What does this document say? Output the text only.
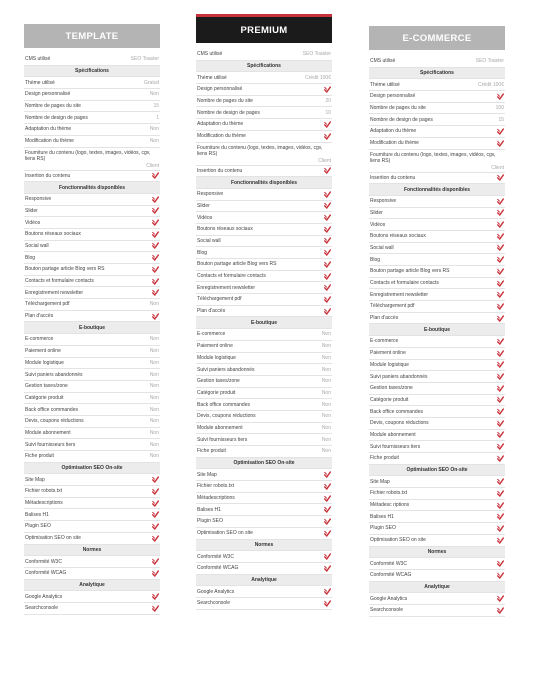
TEMPLATE
CMS utilisé	SEO Toaster
Spécifications
Thème utilisé	Gratuit
Design personnalisé	Non
Nombre de pages du site	15
Nombre de design de pages	1
Adaptation du thème	Non
Modification du thème	Non
Fourniture du contenu (logo, textes, images, vidéos, cgv, liens RS)
Client
Insertion du contenu
Fonctionnalités disponibles
Responsive
Slider
Vidéos
Boutons réseaux sociaux
Social wall
Blog
Bouton partage article Blog vers RS
Contacts et formulaire contacts
Enregistrement newsletter
Téléchargement pdf	Non
Plan d'accès
E-boutique
E-commerce	Non
Paiement online	Non
Module logistique	Non
Suivi paniers abandonnés	Non
Gestion taxes/zone	Non
Catégorie produit	Non
Back office commandes	Non
Devis, coupons réductions	Non
Module abonnement	Non
Suivi fournisseurs tiers	Non
Fiche produit	Non
Optimisation SEO On-site
Site Map
Fichier robots.txt
Métadescriptions
Balises H1
Plugin SEO
Optimisation SEO on site
Normes
Conformité W3C
Conformité WCAG
Analytique
Google Analytics
Searchconsole
PREMIUM
CMS utilisé	SEO Toaster
Spécifications
Thème utilisé	Crédit 100€
Design personnalisé
Nombre de pages du site	20
Nombre de design de pages	10
Adaptation du thème
Modification du thème
Fourniture du contenu (logo, textes, images, vidéos, cgv, liens RS)
Client
Insertion du contenu
Fonctionnalités disponibles
Responsive
Slider
Vidéos
Boutons réseaux sociaux
Social wall
Blog
Bouton partage article Blog vers RS
Contacts et formulaire contacts
Enregistrement newsletter
Téléchargement pdf
Plan d'accès
E-boutique
E-commerce	Non
Paiement online	Non
Module logistique	Non
Suivi paniers abandonnés	Non
Gestion taxes/zone	Non
Catégorie produit	Non
Back office commandes	Non
Devis, coupons réductions	Non
Module abonnement	Non
Suivi fournisseurs tiers	Non
Fiche produit	Non
Optimisation SEO On-site
Site Map
Fichier robots.txt
Métadescriptions
Balises H1
Plugin SEO
Optimisation SEO on site
Normes
Conformité W3C
Conformité WCAG
Analytique
Google Analytics
Searchconsole
E-COMMERCE
CMS utilisé	SEO Toaster
Spécifications
Thème utilisé	Crédit 100€
Design personnalisé
Nombre de pages du site	100
Nombre de design de pages	15
Adaptation du thème
Modification du thème
Fourniture du contenu (logo, textes, images, vidéos, cgv, liens RS)
Client
Insertion du contenu
Fonctionnalités disponibles
Responsive
Slider
Vidéos
Boutons réseaux sociaux
Social wall
Blog
Bouton partage article Blog vers RS
Contacts et formulaire contacts
Enregistrement newsletter
Téléchargement pdf
Plan d'accès
E-boutique
E-commerce
Paiement online
Module logistique
Suivi paniers abandonnés
Gestion taxes/zone
Catégorie produit
Back office commandes
Devis, coupons réductions
Module abonnement
Suivi fournisseurs tiers
Fiche produit
Optimisation SEO On-site
Site Map
Fichier robots.txt
Métadesc riptions
Balises H1
Plugin SEO
Optimisation SEO on site
Normes
Conformité W3C
Conformité WCAG
Analytique
Google Analytics
Searchconsole
